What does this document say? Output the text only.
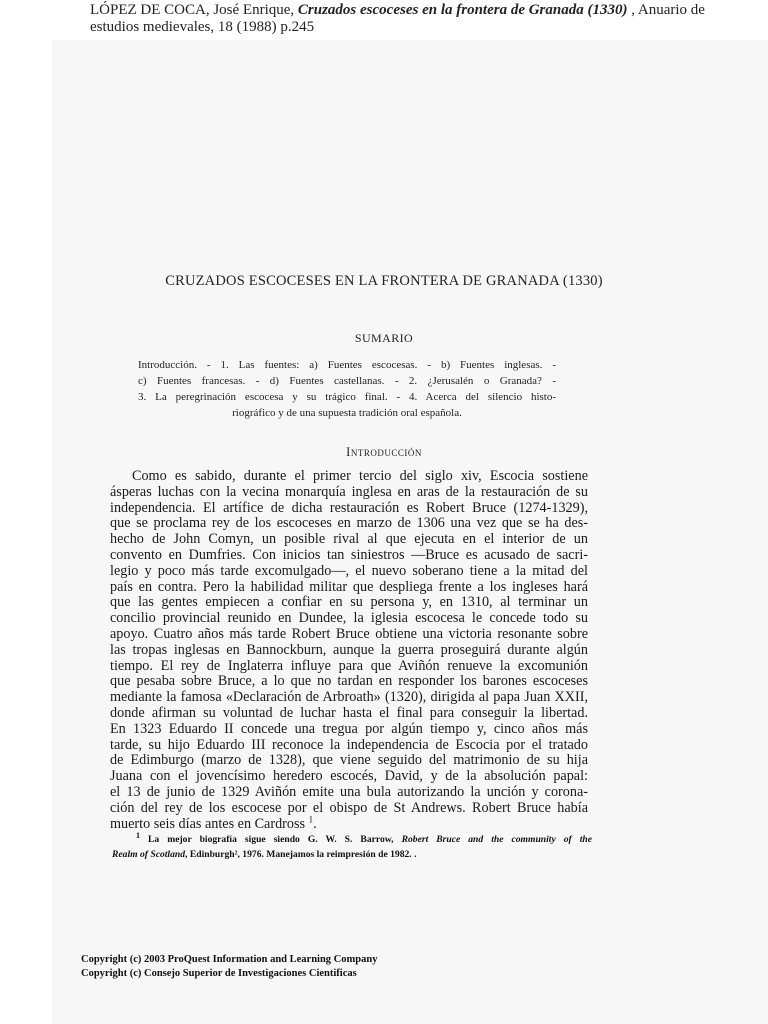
LÓPEZ DE COCA, José Enrique, Cruzados escoceses en la frontera de Granada (1330) , Anuario de estudios medievales, 18 (1988) p.245
CRUZADOS ESCOCESES EN LA FRONTERA DE GRANADA (1330)
SUMARIO
Introducción. - 1. Las fuentes: a) Fuentes escocesas. - b) Fuentes inglesas. -
c) Fuentes francesas. - d) Fuentes castellanas. - 2. ¿Jerusalén o Granada? -
3. La peregrinación escocesa y su trágico final. - 4. Acerca del silencio histo-
riográfico y de una supuesta tradición oral española.
Introducción
Como es sabido, durante el primer tercio del siglo xiv, Escocia sostiene
ásperas luchas con la vecina monarquía inglesa en aras de la restauración de su
independencia. El artífice de dicha restauración es Robert Bruce (1274-1329),
que se proclama rey de los escoceses en marzo de 1306 una vez que se ha des-
hecho de John Comyn, un posible rival al que ejecuta en el interior de un
convento en Dumfries. Con inicios tan siniestros —Bruce es acusado de sacri-
legio y poco más tarde excomulgado—, el nuevo soberano tiene a la mitad del
país en contra. Pero la habilidad militar que despliega frente a los ingleses hará
que las gentes empiecen a confiar en su persona y, en 1310, al terminar un
concilio provincial reunido en Dundee, la iglesia escocesa le concede todo su
apoyo. Cuatro años más tarde Robert Bruce obtiene una victoria resonante sobre
las tropas inglesas en Bannockburn, aunque la guerra proseguirá durante algún
tiempo. El rey de Inglaterra influye para que Aviñón renueve la excomunión
que pesaba sobre Bruce, a lo que no tardan en responder los barones escoceses
mediante la famosa «Declaración de Arbroath» (1320), dirigida al papa Juan XXII,
donde afirman su voluntad de luchar hasta el final para conseguir la libertad.
En 1323 Eduardo II concede una tregua por algún tiempo y, cinco años más
tarde, su hijo Eduardo III reconoce la independencia de Escocia por el tratado
de Edimburgo (marzo de 1328), que viene seguido del matrimonio de su hija
Juana con el jovencísimo heredero escocés, David, y de la absolución papal:
el 13 de junio de 1329 Aviñón emite una bula autorizando la unción y corona-
ción del rey de los escocese por el obispo de St Andrews. Robert Bruce había
muerto seis días antes en Cardross $^1$.
$^1$ La mejor biografía sigue siendo G. W. S. Barrow, Robert Bruce and the community of the
Realm of Scotland, Edinburgh², 1976. Manejamos la reimpresión de 1982. .
Copyright (c) 2003 ProQuest Information and Learning Company
Copyright (c) Consejo Superior de Investigaciones Cientificas
